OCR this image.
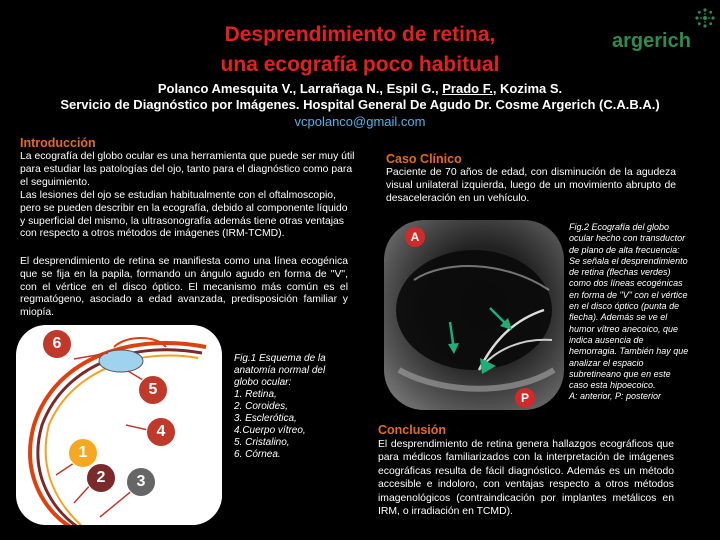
Desprendimiento de retina,
una ecografía poco habitual
argerich
Polanco Amesquita V., Larrañaga N., Espil G., Prado F., Kozima S.
Servicio de Diagnóstico por Imágenes. Hospital General De Agudo Dr. Cosme Argerich (C.A.B.A.)
vcpolanco@gmail.com
Introducción
La ecografía del globo ocular es una herramienta que puede ser muy útil para estudiar las patologías del ojo, tanto para el diagnóstico como para el seguimiento.
Las lesiones del ojo se estudian habitualmente con el oftalmoscopio, pero se pueden describir en la ecografía, debido al componente líquido y superficial del mismo, la ultrasonografía además tiene otras ventajas con respecto a otros métodos de imágenes (IRM-TCMD).
El desprendimiento de retina se manifiesta como una línea ecogénica que se fija en la papila, formando un ángulo agudo en forma de "V", con el vértice en el disco óptico. El mecanismo más común es el regmatógeno, asociado a edad avanzada, predisposición familiar y miopía.
6
5
4
1
2	3
Fig.1 Esquema de la
anatomía normal del
globo ocular:
1. Retina,
2. Coroides,
3. Esclerótica,
4.Cuerpo vítreo,
5. Cristalino,
6. Córnea.
Caso Clínico
Paciente de 70 años de edad, con disminución de la agudeza visual unilateral izquierda, luego de un movimiento abrupto de desaceleración en un vehículo.
A
P
Fig.2 Ecografía del globo
ocular hecho con transductor
de plano de alta frecuencia:
Se señala el desprendimiento
de retina (flechas verdes)
como dos líneas ecogénicas
en forma de "V" con el vértice
en el disco óptico (punta de
flecha). Además se ve el
humor vítreo anecoico, que
indica ausencia de
hemorragia. También hay que
analizar el espacio
subretineano que en este
caso esta hipoecoico.
A: anterior, P: posterior
Conclusión
El desprendimiento de retina genera hallazgos ecográficos que para médicos familiarizados con la interpretación de imágenes ecográficas resulta de fácil diagnóstico. Además es un método accesible e indoloro, con ventajas respecto a otros métodos imagenológicos (contraindicación por implantes metálicos en IRM, o irradiación en TCMD).
